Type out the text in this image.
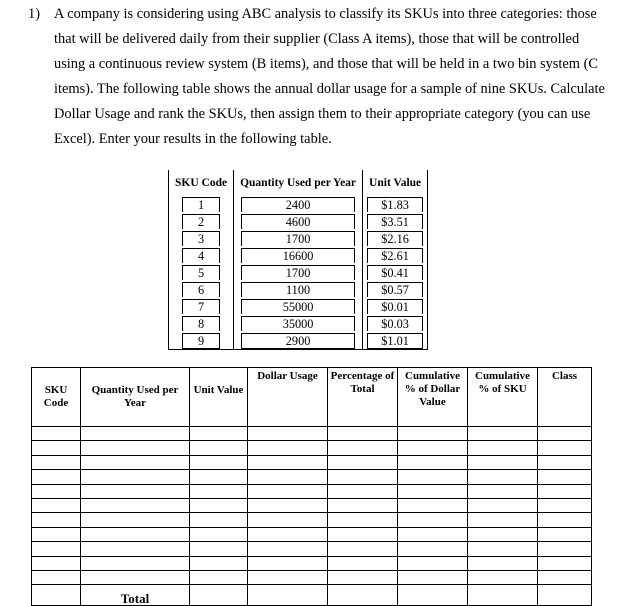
1) A company is considering using ABC analysis to classify its SKUs into three categories: those that will be delivered daily from their supplier (Class A items), those that will be controlled using a continuous review system (B items), and those that will be held in a two bin system (C items). The following table shows the annual dollar usage for a sample of nine SKUs. Calculate Dollar Usage and rank the SKUs, then assign them to their appropriate category (you can use Excel). Enter your results in the following table.
SKU Code	Quantity Used per Year	Unit Value

1	2400	$1.83

2	4600	$3.51

3	1700	$2.16

4	16600	$2.61

5	1700	$0.41

6	1100	$0.57

7	55000	$0.01

8	35000	$0.03

9	2900	$1.01
SKU Code	Quantity Used per Year	Unit Value	Dollar Usage	Percentage of Total	Cumulative % of Dollar Value	Cumulative % of SKU	Class

	Total						
